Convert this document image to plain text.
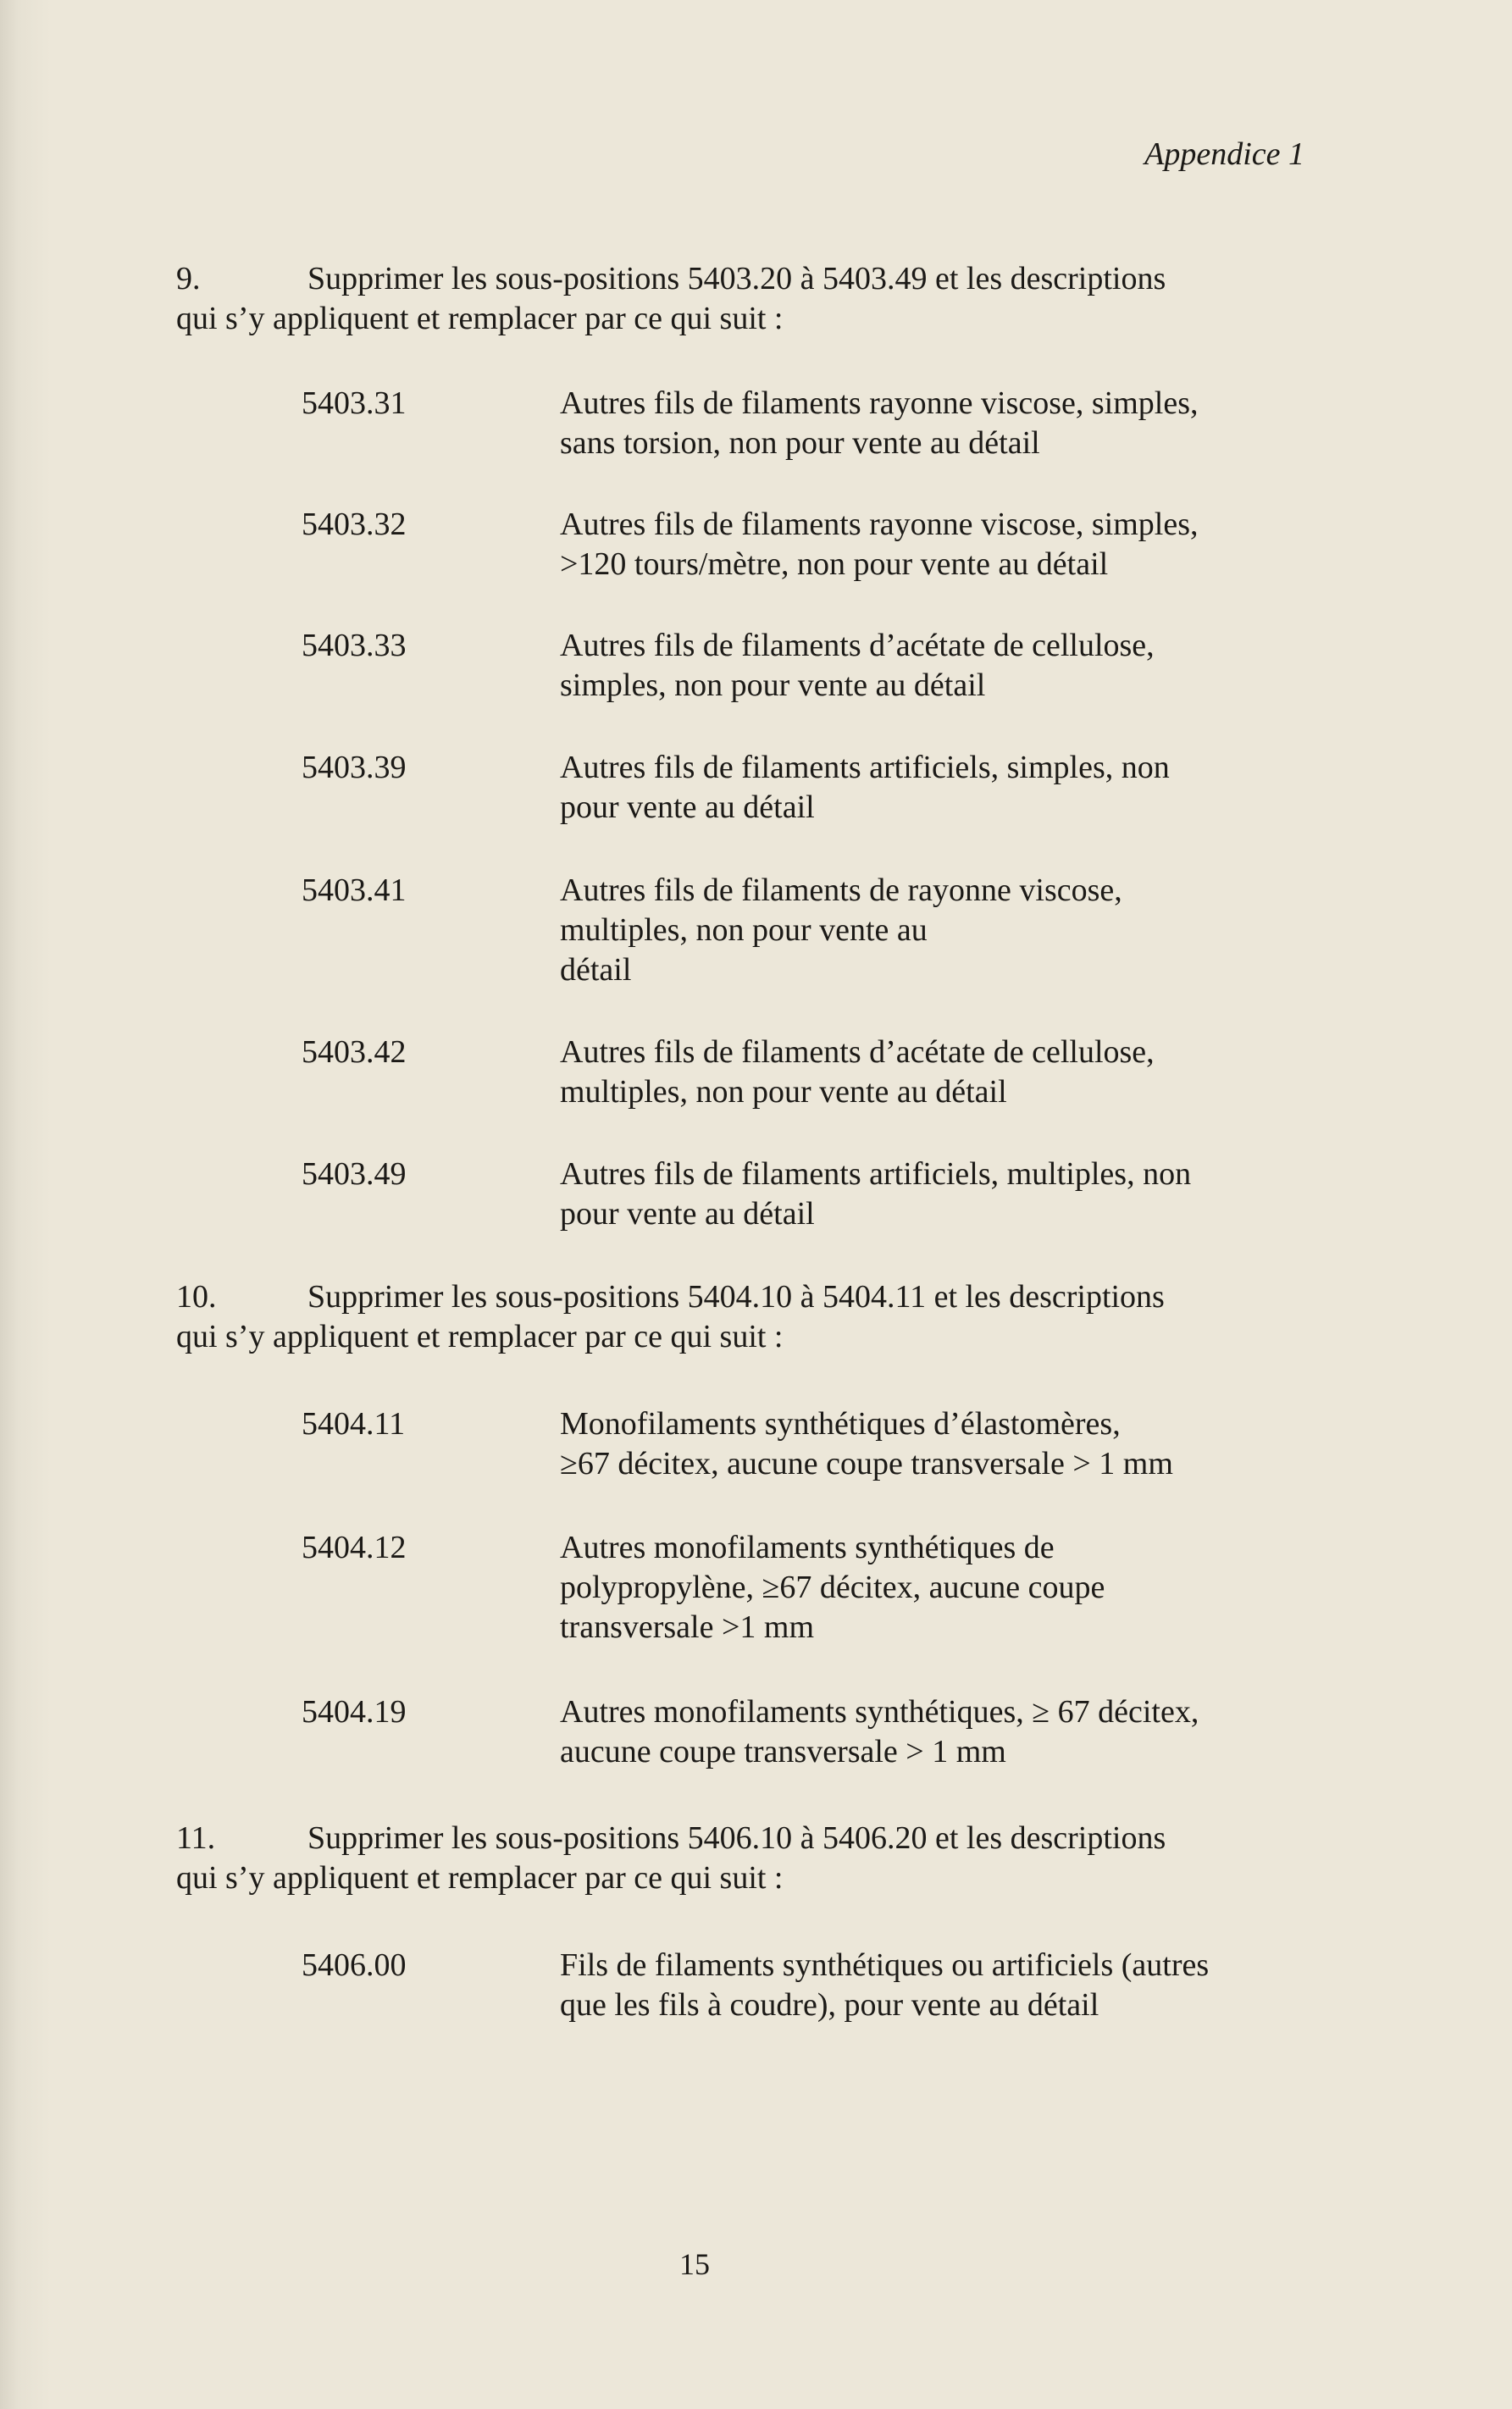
Appendice 1
9.	Supprimer les sous-positions 5403.20 à 5403.49 et les descriptions
qui s’y appliquent et remplacer par ce qui suit :
5403.31	Autres fils de filaments rayonne viscose, simples,
sans torsion, non pour vente au détail
5403.32	Autres fils de filaments rayonne viscose, simples,
>120 tours/mètre, non pour vente au détail
5403.33	Autres fils de filaments d’acétate de cellulose,
simples, non pour vente au détail
5403.39	Autres fils de filaments artificiels, simples, non
pour vente au détail
5403.41	Autres fils de filaments de rayonne viscose,
multiples, non pour vente au
détail
5403.42	Autres fils de filaments d’acétate de cellulose,
multiples, non pour vente au détail
5403.49	Autres fils de filaments artificiels, multiples, non
pour vente au détail
10.	Supprimer les sous-positions 5404.10 à 5404.11 et les descriptions
qui s’y appliquent et remplacer par ce qui suit :
5404.11	Monofilaments synthétiques d’élastomères,
≥67 décitex, aucune coupe transversale > 1 mm
5404.12	Autres monofilaments synthétiques de
polypropylène, ≥67 décitex, aucune coupe
transversale >1 mm
5404.19	Autres monofilaments synthétiques, ≥ 67 décitex,
aucune coupe transversale > 1 mm
11.	Supprimer les sous-positions 5406.10 à 5406.20 et les descriptions
qui s’y appliquent et remplacer par ce qui suit :
5406.00	Fils de filaments synthétiques ou artificiels (autres
que les fils à coudre), pour vente au détail
15
